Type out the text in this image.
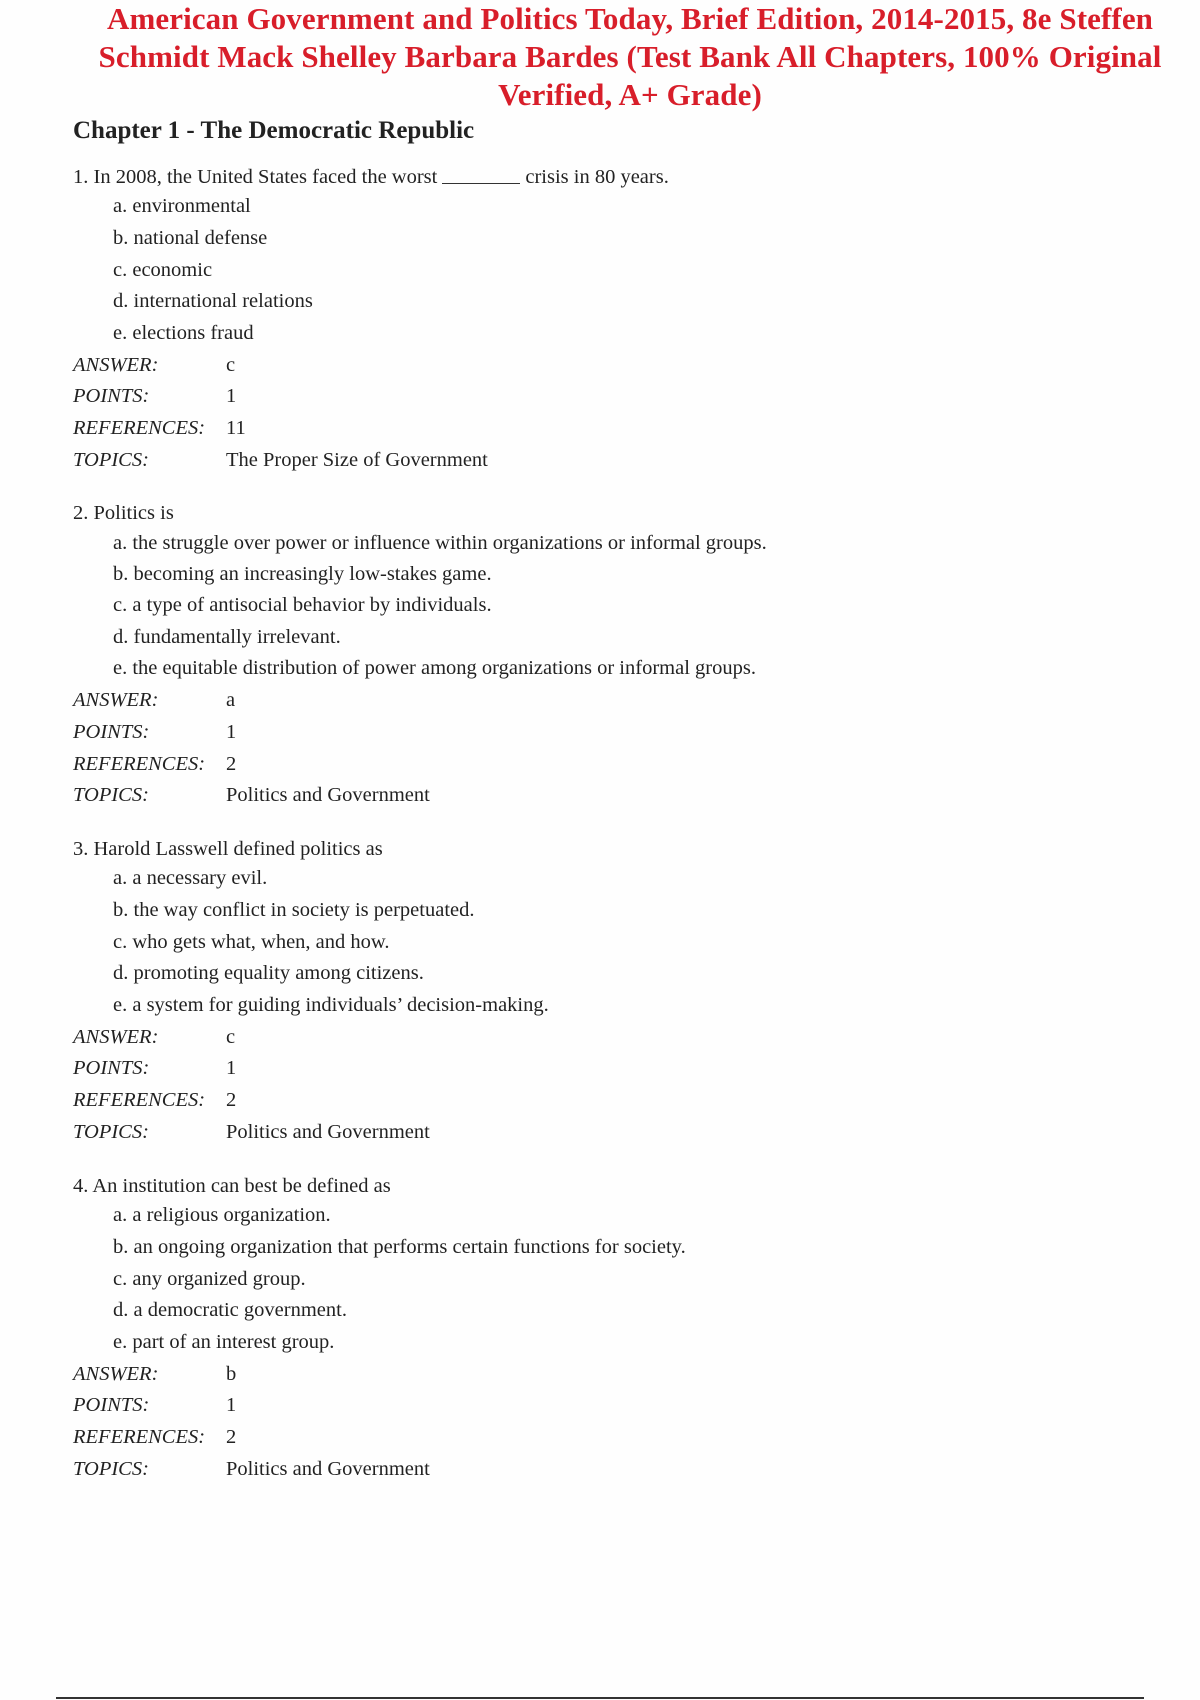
American Government and Politics Today, Brief Edition, 2014-2015, 8e Steffen Schmidt Mack Shelley Barbara Bardes (Test Bank All Chapters, 100% Original Verified, A+ Grade)
Chapter 1 - The Democratic Republic
1. In 2008, the United States faced the worst	crisis in 80 years.
a. environmental
b. national defense
c. economic
d. international relations
e. elections fraud
ANSWER:	c
POINTS:	1
REFERENCES: 11
TOPICS:	The Proper Size of Government
2. Politics is
a. the struggle over power or influence within organizations or informal groups.
b. becoming an increasingly low-stakes game.
c. a type of antisocial behavior by individuals.
d. fundamentally irrelevant.
e. the equitable distribution of power among organizations or informal groups.
ANSWER:	a
POINTS:	1
REFERENCES: 2
TOPICS:	Politics and Government
3. Harold Lasswell defined politics as
a. a necessary evil.
b. the way conflict in society is perpetuated.
c. who gets what, when, and how.
d. promoting equality among citizens.
e. a system for guiding individuals’ decision-making.
ANSWER:	c
POINTS:	1
REFERENCES: 2
TOPICS:	Politics and Government
4. An institution can best be defined as
a. a religious organization.
b. an ongoing organization that performs certain functions for society.
c. any organized group.
d. a democratic government.
e. part of an interest group.
ANSWER:	b
POINTS:	1
REFERENCES: 2
TOPICS:	Politics and Government
